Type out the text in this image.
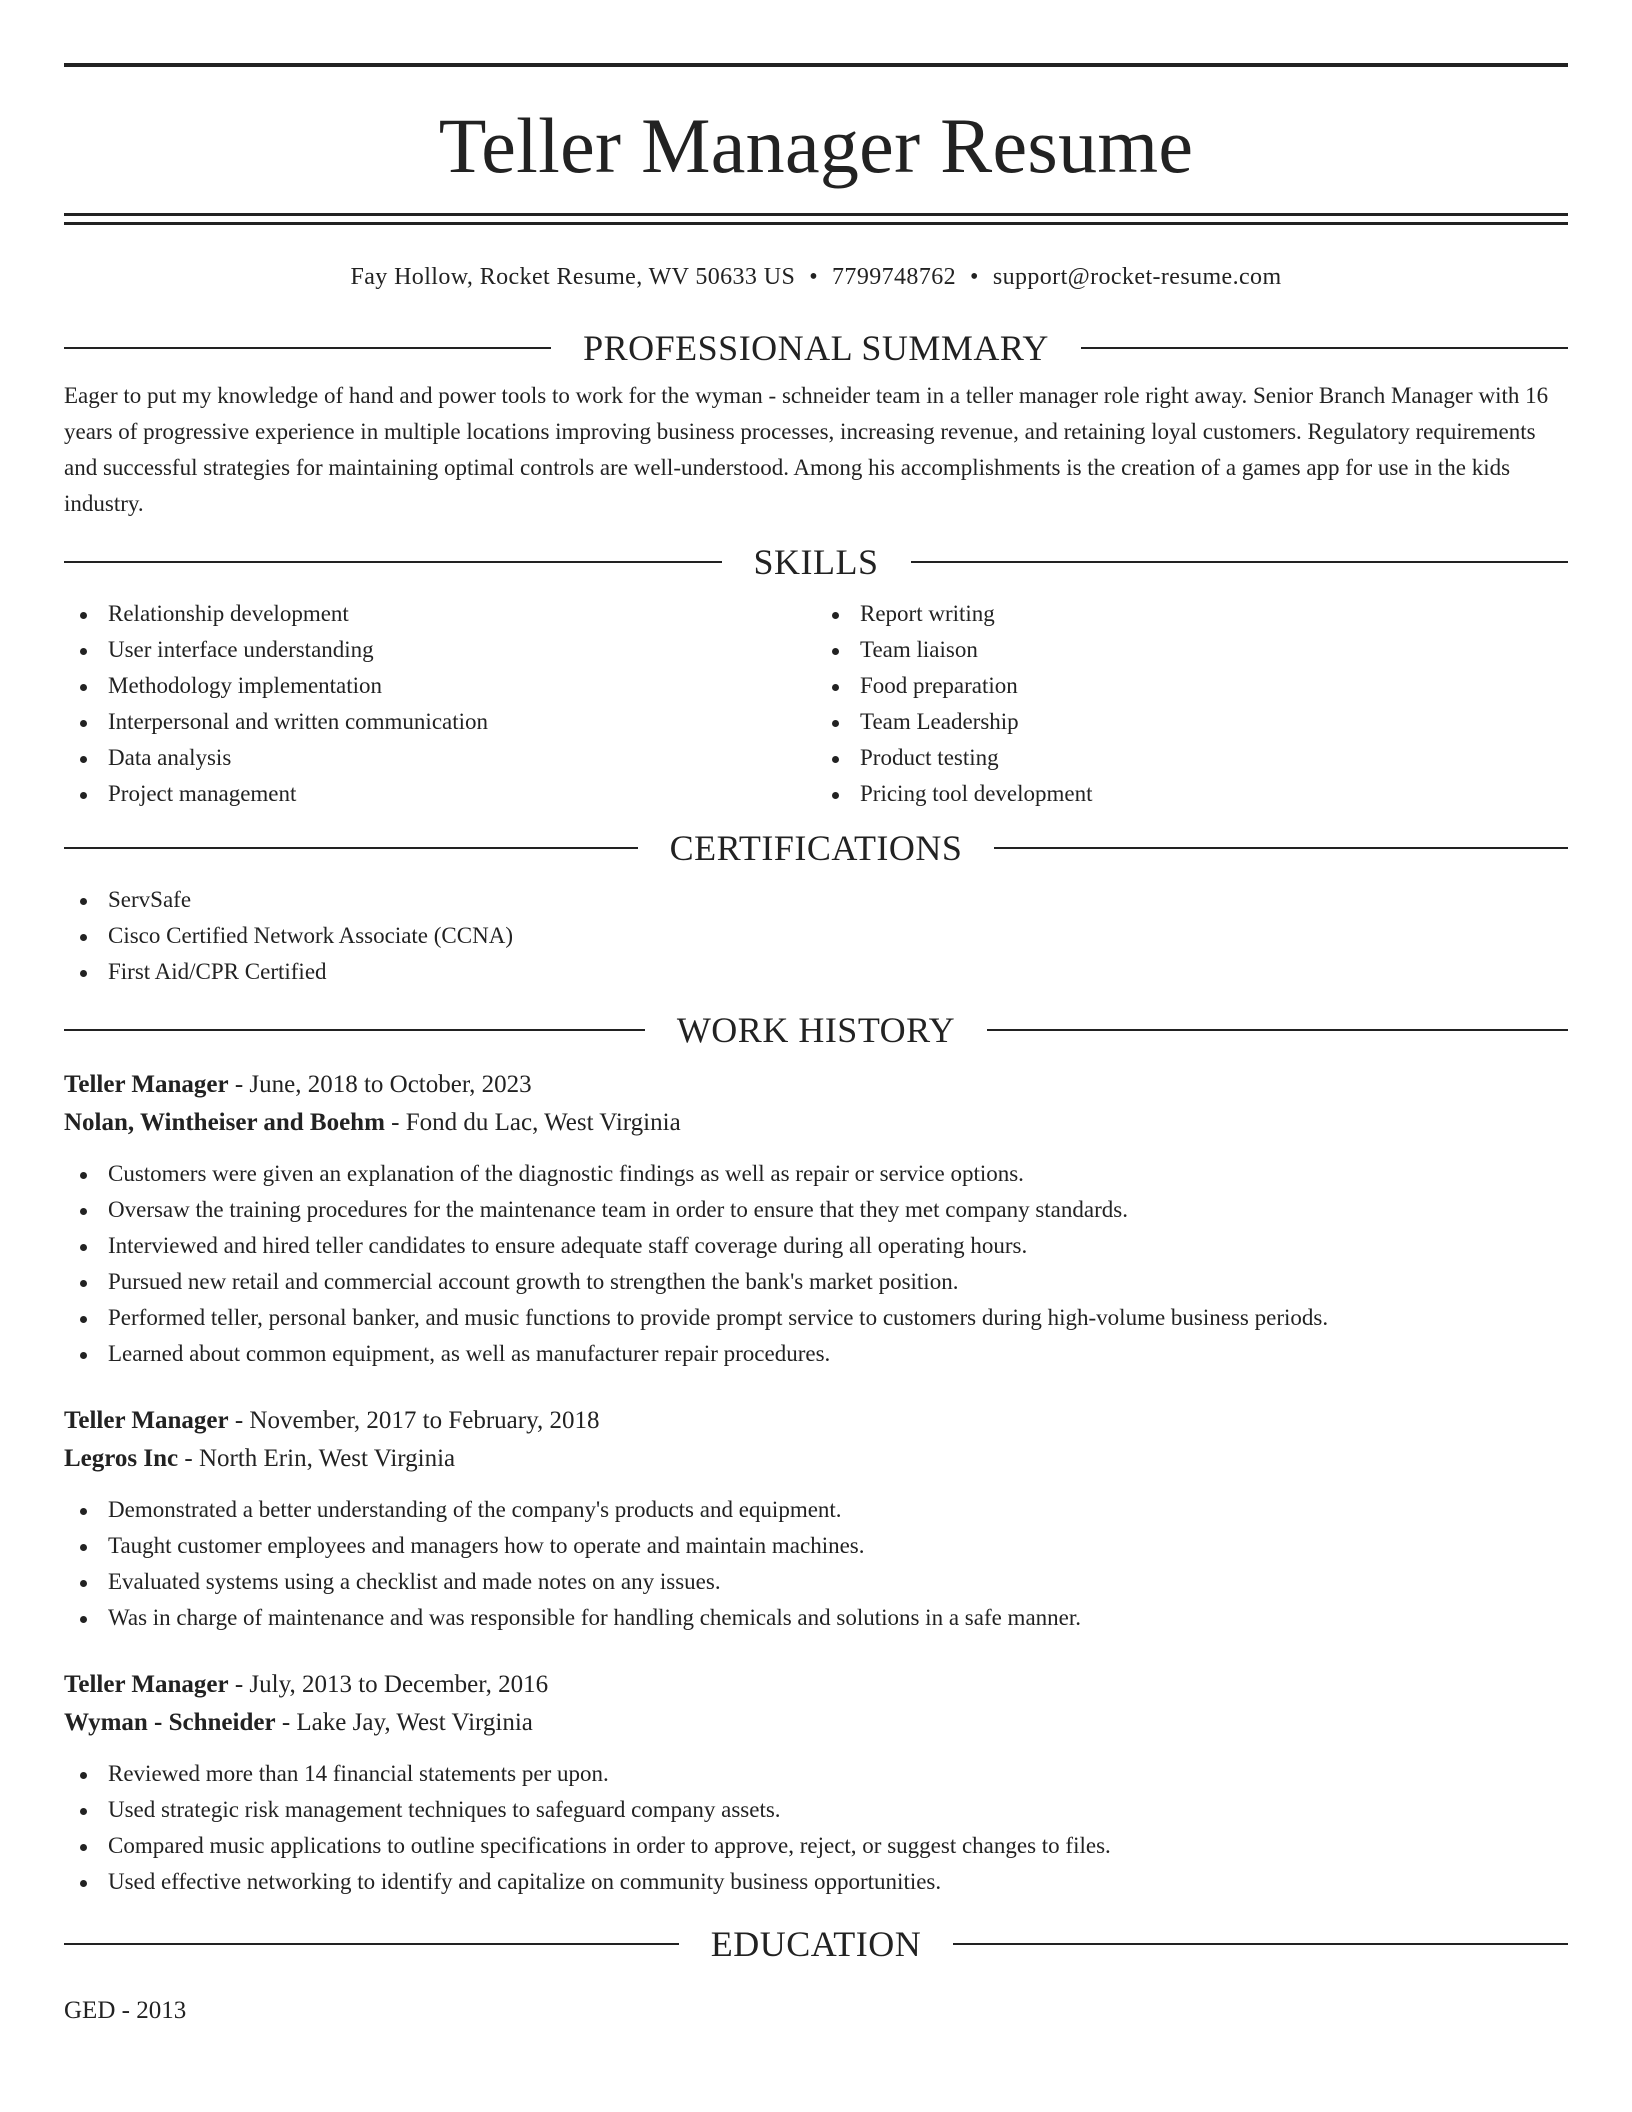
Teller Manager Resume
Fay Hollow, Rocket Resume, WV 50633 US • 7799748762 • support@rocket-resume.com
PROFESSIONAL SUMMARY
Eager to put my knowledge of hand and power tools to work for the wyman - schneider team in a teller manager role right away. Senior Branch Manager with 16 years of progressive experience in multiple locations improving business processes, increasing revenue, and retaining loyal customers. Regulatory requirements and successful strategies for maintaining optimal controls are well-understood. Among his accomplishments is the creation of a games app for use in the kids industry.
SKILLS
Relationship development
User interface understanding
Methodology implementation
Interpersonal and written communication
Data analysis
Project management
Report writing
Team liaison
Food preparation
Team Leadership
Product testing
Pricing tool development
CERTIFICATIONS
ServSafe
Cisco Certified Network Associate (CCNA)
First Aid/CPR Certified
WORK HISTORY
Teller Manager - June, 2018 to October, 2023
Nolan, Wintheiser and Boehm - Fond du Lac, West Virginia
Customers were given an explanation of the diagnostic findings as well as repair or service options.
Oversaw the training procedures for the maintenance team in order to ensure that they met company standards.
Interviewed and hired teller candidates to ensure adequate staff coverage during all operating hours.
Pursued new retail and commercial account growth to strengthen the bank's market position.
Performed teller, personal banker, and music functions to provide prompt service to customers during high-volume business periods.
Learned about common equipment, as well as manufacturer repair procedures.
Teller Manager - November, 2017 to February, 2018
Legros Inc - North Erin, West Virginia
Demonstrated a better understanding of the company's products and equipment.
Taught customer employees and managers how to operate and maintain machines.
Evaluated systems using a checklist and made notes on any issues.
Was in charge of maintenance and was responsible for handling chemicals and solutions in a safe manner.
Teller Manager - July, 2013 to December, 2016
Wyman - Schneider - Lake Jay, West Virginia
Reviewed more than 14 financial statements per upon.
Used strategic risk management techniques to safeguard company assets.
Compared music applications to outline specifications in order to approve, reject, or suggest changes to files.
Used effective networking to identify and capitalize on community business opportunities.
EDUCATION
GED - 2013
